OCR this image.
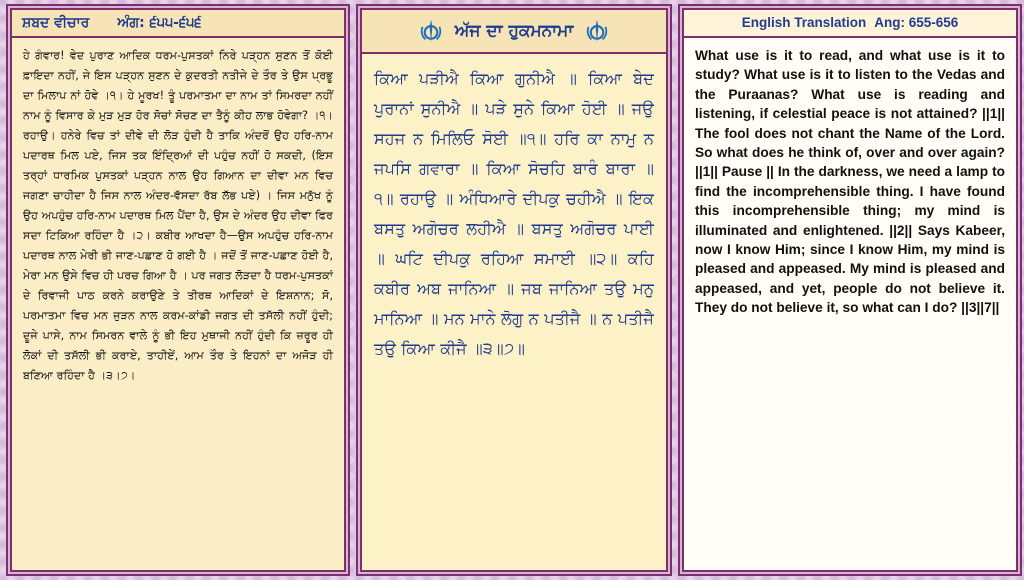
ਸ਼ਬਦ ਵੀਚਾਰ ਅੰਗ: ੬੫੫-੬੫੬
ਹੇ ਗੰਵਾਰ! ਵੇਦ ਪੁਰਾਣ ਆਦਿਕ ਧਰਮ-ਪੁਸਤਕਾਂ ਨਿਰੇ ਪੜ੍ਹਨ ਸੁਣਨ ਤੋਂ ਕੋਈ ਫ਼ਾਇਦਾ ਨਹੀਂ, ਜੇ ਇਸ ਪੜ੍ਹਨ ਸੁਣਨ ਦੇ ਕੁਦਰਤੀ ਨਤੀਜੇ ਦੇ ਤੌਰ ਤੇ ਉਸ ਪ੍ਰਭੂ ਦਾ ਮਿਲਾਪ ਨਾਂ ਹੋਵੇ ।੧। ਹੇ ਮੂਰਖ! ਤੂੰ ਪਰਮਾਤਮਾ ਦਾ ਨਾਮ ਤਾਂ ਸਿਮਰਦਾ ਨਹੀਂ ਨਾਮ ਨੂੰ ਵਿਸਾਰ ਕੇ ਮੁੜ ਮੁੜ ਹੋਰ ਸੋਚਾਂ ਸੋਚਣ ਦਾ ਤੈਨੂੰ ਕੀਹ ਲਾਭ ਹੋਵੇਗਾ? ।੧।ਰਹਾਉ। ਹਨੇਰੇ ਵਿਚ ਤਾਂ ਦੀਵੇ ਦੀ ਲੋੜ ਹੁੰਦੀ ਹੈ ਤਾਕਿ ਅੰਦਰੋਂ ਉਹ ਹਰਿ-ਨਾਮ ਪਦਾਰਥ ਮਿਲ ਪਏ, ਜਿਸ ਤਕ ਇੰਦ੍ਰਿਆਂ ਦੀ ਪਹੁੰਚ ਨਹੀਂ ਹੋ ਸਕਦੀ, (ਇਸ ਤਰ੍ਹਾਂ ਧਾਰਮਿਕ ਪੁਸਤਕਾਂ ਪੜ੍ਹਨ ਨਾਲ ਉਹ ਗਿਆਨ ਦਾ ਦੀਵਾ ਮਨ ਵਿਚ ਜਗਣਾ ਚਾਹੀਦਾ ਹੈ ਜਿਸ ਨਾਲ ਅੰਦਰ-ਵੱਸਦਾ ਰੱਬ ਲੱਭ ਪਏ) । ਜਿਸ ਮਨੁੱਖ ਨੂੰ ਉਹ ਅਪਹੁੰਚ ਹਰਿ-ਨਾਮ ਪਦਾਰਥ ਮਿਲ ਪੈਂਦਾ ਹੈ, ਉਸ ਦੇ ਅੰਦਰ ਉਹ ਦੀਵਾ ਫਿਰ ਸਦਾ ਟਿਕਿਆ ਰਹਿੰਦਾ ਹੈ ।੨। ਕਬੀਰ ਆਖਦਾ ਹੈ—ਉਸ ਅਪਹੁੰਚ ਹਰਿ-ਨਾਮ ਪਦਾਰਥ ਨਾਲ ਮੇਰੀ ਭੀ ਜਾਣ-ਪਛਾਣ ਹੋ ਗਈ ਹੈ । ਜਦੋਂ ਤੋਂ ਜਾਣ-ਪਛਾਣ ਹੋਈ ਹੈ, ਮੇਰਾ ਮਨ ਉਸੇ ਵਿਚ ਹੀ ਪਰਚ ਗਿਆ ਹੈ । ਪਰ ਜਗਤ ਲੋੜਦਾ ਹੈ ਧਰਮ-ਪੁਸਤਕਾਂ ਦੇ ਰਿਵਾਜੀ ਪਾਠ ਕਰਨੇ ਕਰਾਉਣੇ ਤੇ ਤੀਰਥ ਆਦਿਕਾਂ ਦੇ ਇਸ਼ਨਾਨ; ਸੋ, ਪਰਮਾਤਮਾ ਵਿਚ ਮਨ ਜੁੜਨ ਨਾਲ ਕਰਮ-ਕਾਂਡੀ ਜਗਤ ਦੀ ਤਸੱਲੀ ਨਹੀਂ ਹੁੰਦੀ; ਦੂਜੇ ਪਾਸੇ, ਨਾਮ ਸਿਮਰਨ ਵਾਲੇ ਨੂੰ ਭੀ ਇਹ ਮੁਥਾਜੀ ਨਹੀਂ ਹੁੰਦੀ ਕਿ ਜ਼ਰੂਰ ਹੀ ਲੋਕਾਂ ਦੀ ਤਸੱਲੀ ਭੀ ਕਰਾਏ, ਤਾਹੀਏਂ, ਆਮ ਤੌਰ ਤੇ ਇਹਨਾਂ ਦਾ ਅਜੋੜ ਹੀ ਬਣਿਆ ਰਹਿੰਦਾ ਹੈ ।੩।੭।
ਅੱਜ ਦਾ ਹੁਕਮਨਾਮਾ
ਕਿਆ ਪੜੀਐ ਕਿਆ ਗੁਨੀਐ ॥ ਕਿਆ ਬੇਦ ਪੁਰਾਨਾਂ ਸੁਨੀਐ ॥ ਪੜੇ ਸੁਨੇ ਕਿਆ ਹੋਈ ॥ ਜਉ ਸਹਜ ਨ ਮਿਲਿਓ ਸੋਈ ॥੧॥ ਹਰਿ ਕਾ ਨਾਮੁ ਨ ਜਪਸਿ ਗਵਾਰਾ ॥ ਕਿਆ ਸੋਚਹਿ ਬਾਰੰ ਬਾਰਾ ॥੧॥ ਰਹਾਉ ॥ ਅੰਧਿਆਰੇ ਦੀਪਕੁ ਚਹੀਐ ॥ ਇਕ ਬਸਤੁ ਅਗੋਚਰ ਲਹੀਐ ॥ ਬਸਤੁ ਅਗੋਚਰ ਪਾਈ ॥ ਘਟਿ ਦੀਪਕੁ ਰਹਿਆ ਸਮਾਈ ॥੨॥ ਕਹਿ ਕਬੀਰ ਅਬ ਜਾਨਿਆ ॥ ਜਬ ਜਾਨਿਆ ਤਉ ਮਨੁ ਮਾਨਿਆ ॥ ਮਨ ਮਾਨੇ ਲੋਗੁ ਨ ਪਤੀਜੈ ॥ ਨ ਪਤੀਜੈ ਤਉ ਕਿਆ ਕੀਜੈ ॥੩॥੭॥
English Translation Ang: 655-656
What use is it to read, and what use is it to study? What use is it to listen to the Vedas and the Puraanas? What use is reading and listening, if celestial peace is not attained? ||1|| The fool does not chant the Name of the Lord. So what does he think of, over and over again? ||1|| Pause || In the darkness, we need a lamp to find the incomprehensible thing. I have found this incomprehensible thing; my mind is illuminated and enlightened. ||2|| Says Kabeer, now I know Him; since I know Him, my mind is pleased and appeased. My mind is pleased and appeased, and yet, people do not believe it. They do not believe it, so what can I do? ||3||7||
